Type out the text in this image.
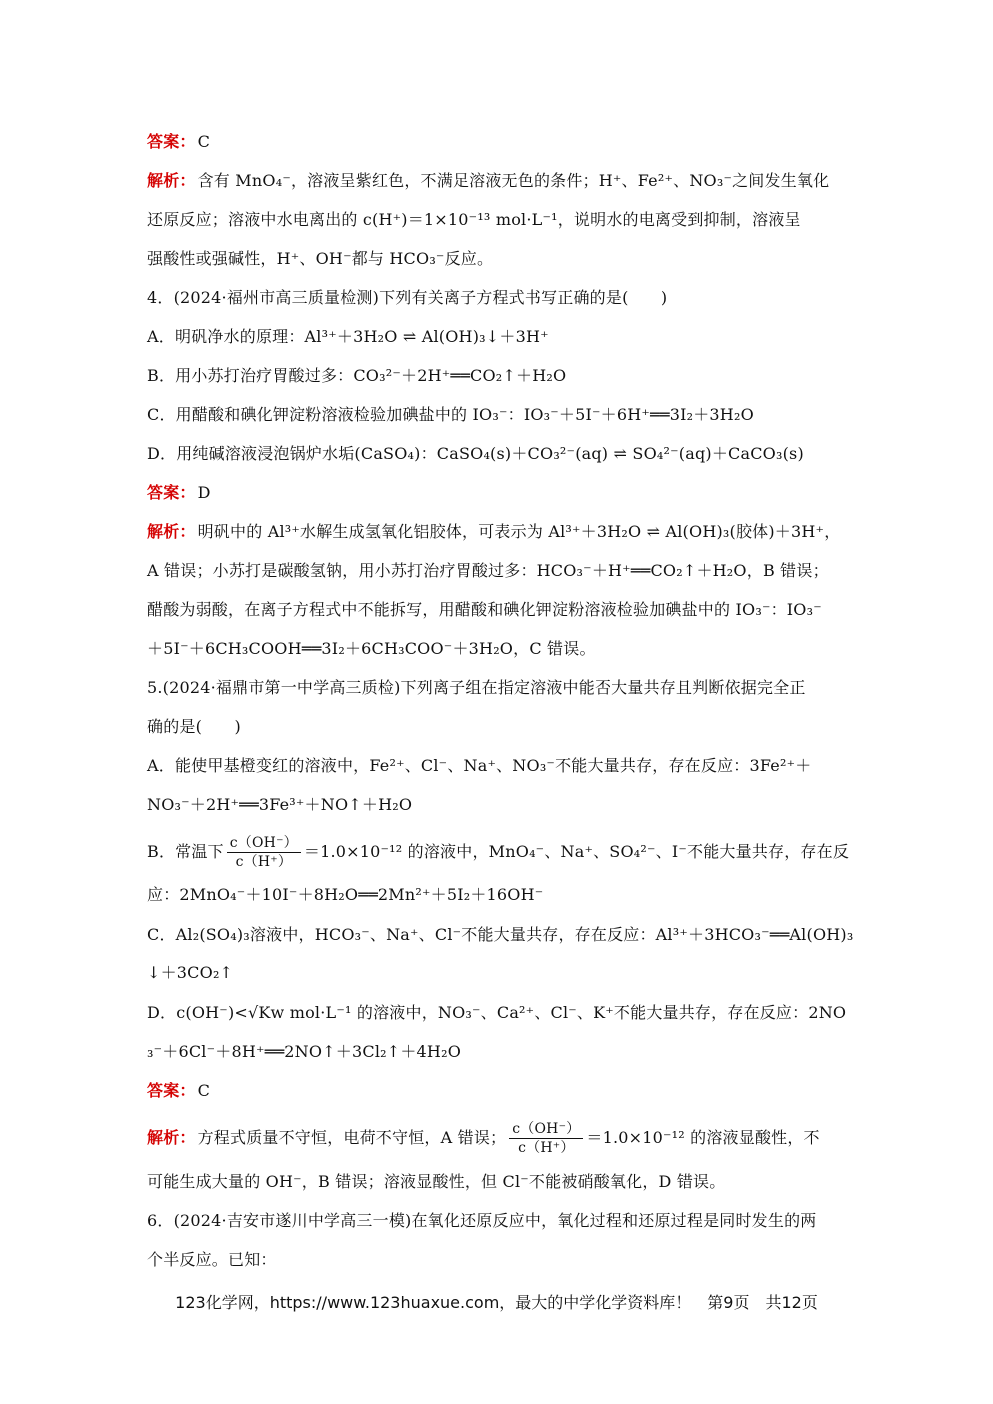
答案： C
解析： 含有 MnO₄⁻，溶液呈紫红色，不满足溶液无色的条件；H⁺、Fe²⁺、NO₃⁻之间发生氧化
还原反应；溶液中水电离出的 c(H⁺)＝1×10⁻¹³ mol·L⁻¹，说明水的电离受到抑制，溶液呈
强酸性或强碱性，H⁺、OH⁻都与 HCO₃⁻反应。
4．(2024·福州市高三质量检测)下列有关离子方程式书写正确的是(　　)
A．明矾净水的原理：Al³⁺＋3H₂O ⇌ Al(OH)₃↓＋3H⁺
B．用小苏打治疗胃酸过多：CO₃²⁻＋2H⁺══CO₂↑＋H₂O
C．用醋酸和碘化钾淀粉溶液检验加碘盐中的 IO₃⁻：IO₃⁻＋5I⁻＋6H⁺══3I₂＋3H₂O
D．用纯碱溶液浸泡锅炉水垢(CaSO₄)：CaSO₄(s)＋CO₃²⁻(aq) ⇌ SO₄²⁻(aq)＋CaCO₃(s)
答案： D
解析： 明矾中的 Al³⁺水解生成氢氧化铝胶体，可表示为 Al³⁺＋3H₂O ⇌ Al(OH)₃(胶体)＋3H⁺，
A 错误；小苏打是碳酸氢钠，用小苏打治疗胃酸过多：HCO₃⁻＋H⁺══CO₂↑＋H₂O，B 错误；
醋酸为弱酸，在离子方程式中不能拆写，用醋酸和碘化钾淀粉溶液检验加碘盐中的 IO₃⁻：IO₃⁻
＋5I⁻＋6CH₃COOH══3I₂＋6CH₃COO⁻＋3H₂O，C 错误。
5.(2024·福鼎市第一中学高三质检)下列离子组在指定溶液中能否大量共存且判断依据完全正
确的是(　　)
A．能使甲基橙变红的溶液中，Fe²⁺、Cl⁻、Na⁺、NO₃⁻不能大量共存，存在反应：3Fe²⁺＋
NO₃⁻＋2H⁺══3Fe³⁺＋NO↑＋H₂O
B．常温下 $\frac{c(OH^-)}{c(H^+)} =1.0\times 10^{-12}$ 的溶液中，MnO₄⁻、Na⁺、SO₄²⁻、I⁻不能大量共存，存在反
应：2MnO₄⁻＋10I⁻＋8H₂O══2Mn²⁺＋5I₂＋16OH⁻
C．Al₂(SO₄)₃溶液中，HCO₃⁻、Na⁺、Cl⁻不能大量共存，存在反应：Al³⁺＋3HCO₃⁻══Al(OH)₃
↓＋3CO₂↑
D．c(OH⁻)<√Kw mol·L⁻¹ 的溶液中，NO₃⁻、Ca²⁺、Cl⁻、K⁺不能大量共存，存在反应：2NO
₃⁻＋6Cl⁻＋8H⁺══2NO↑＋3Cl₂↑＋4H₂O
答案： C
解析： 方程式质量不守恒，电荷不守恒，A 错误； $\frac{c(OH^-)}{c(H^+)} =1.0\times 10^{-12}$ 的溶液显酸性，不
可能生成大量的 OH⁻，B 错误；溶液显酸性，但 Cl⁻不能被硝酸氧化，D 错误。
6．(2024·吉安市遂川中学高三一模)在氧化还原反应中，氧化过程和还原过程是同时发生的两
个半反应。已知：
123化学网，https://www.123huaxue.com，最大的中学化学资料库！　第9页　共12页
